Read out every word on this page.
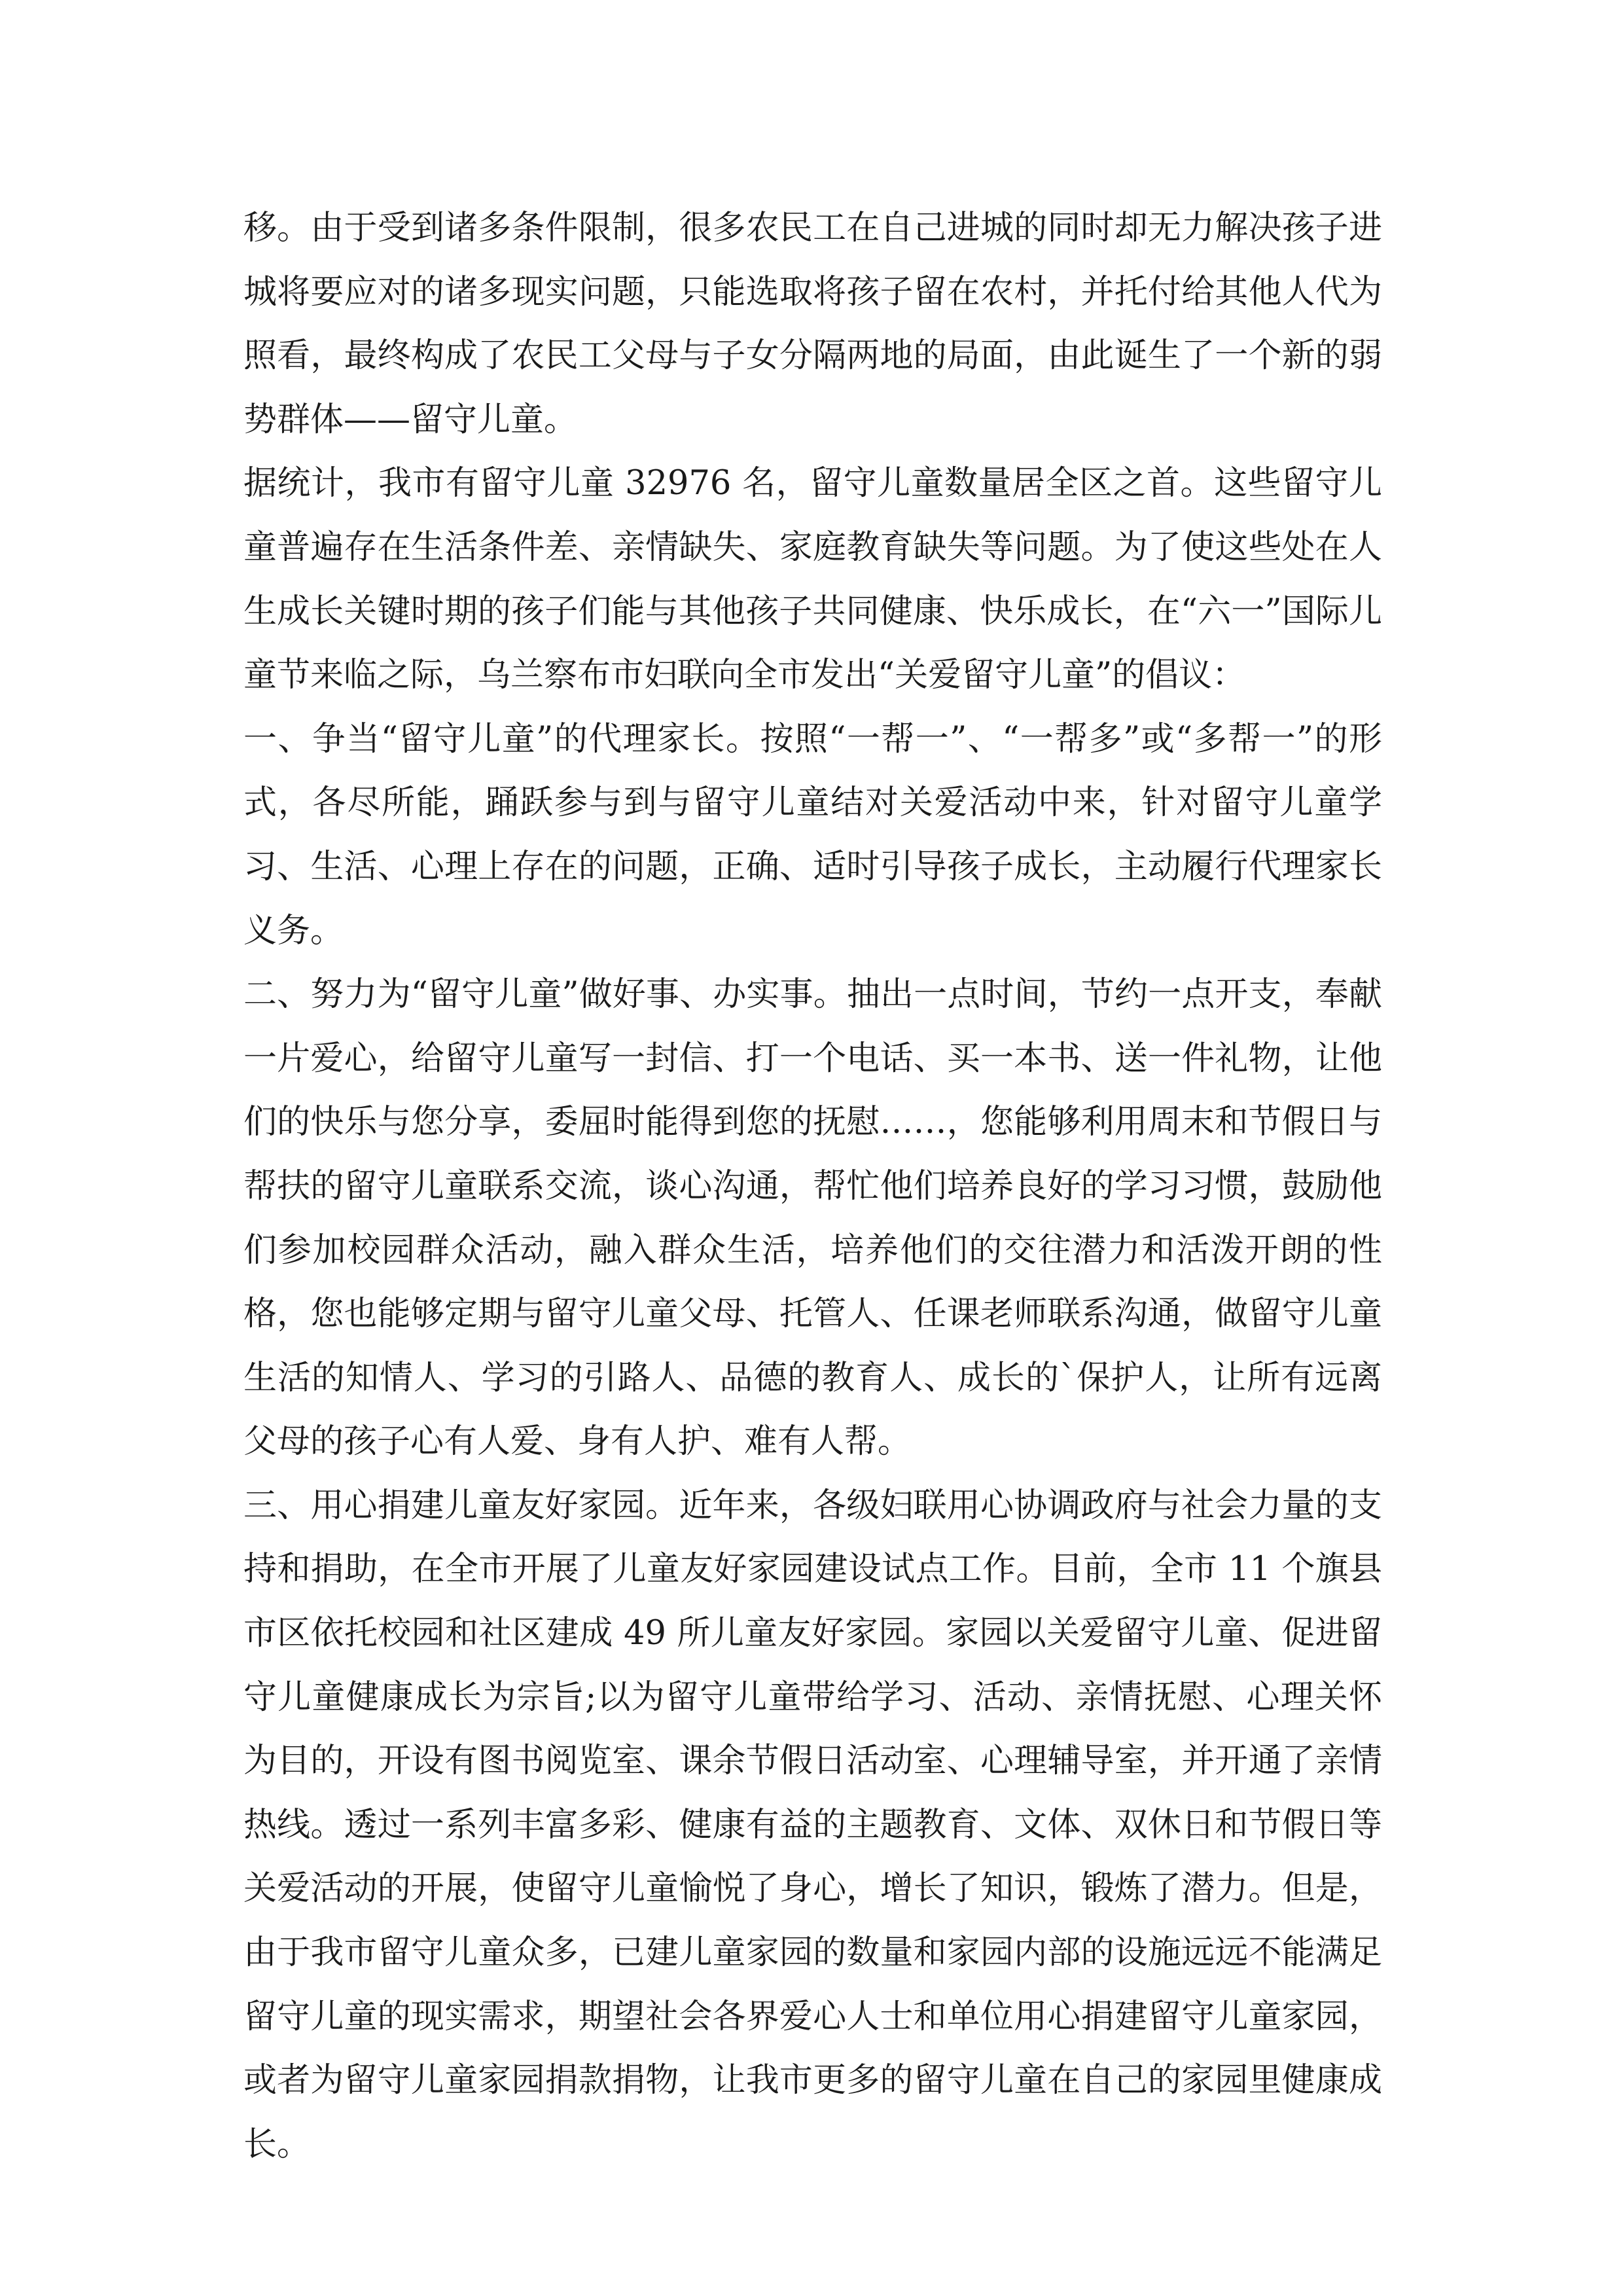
移。由于受到诸多条件限制，很多农民工在自己进城的同时却无力解决孩子进城将要应对的诸多现实问题，只能选取将孩子留在农村，并托付给其他人代为照看，最终构成了农民工父母与子女分隔两地的局面，由此诞生了一个新的弱势群体——留守儿童。

据统计，我市有留守儿童 32976 名，留守儿童数量居全区之首。这些留守儿童普遍存在生活条件差、亲情缺失、家庭教育缺失等问题。为了使这些处在人生成长关键时期的孩子们能与其他孩子共同健康、快乐成长，在“六一”国际儿童节来临之际，乌兰察布市妇联向全市发出“关爱留守儿童”的倡议：

一、争当“留守儿童”的代理家长。按照“一帮一”、“一帮多”或“多帮一”的形式，各尽所能，踊跃参与到与留守儿童结对关爱活动中来，针对留守儿童学习、生活、心理上存在的问题，正确、适时引导孩子成长，主动履行代理家长义务。

二、努力为“留守儿童”做好事、办实事。抽出一点时间，节约一点开支，奉献一片爱心，给留守儿童写一封信、打一个电话、买一本书、送一件礼物，让他们的快乐与您分享，委屈时能得到您的抚慰……，您能够利用周末和节假日与帮扶的留守儿童联系交流，谈心沟通，帮忙他们培养良好的学习习惯，鼓励他们参加校园群众活动，融入群众生活，培养他们的交往潜力和活泼开朗的性格，您也能够定期与留守儿童父母、托管人、任课老师联系沟通，做留守儿童生活的知情人、学习的引路人、品德的教育人、成长的`保护人，让所有远离父母的孩子心有人爱、身有人护、难有人帮。

三、用心捐建儿童友好家园。近年来，各级妇联用心协调政府与社会力量的支持和捐助，在全市开展了儿童友好家园建设试点工作。目前，全市 11 个旗县市区依托校园和社区建成 49 所儿童友好家园。家园以关爱留守儿童、促进留守儿童健康成长为宗旨;以为留守儿童带给学习、活动、亲情抚慰、心理关怀为目的，开设有图书阅览室、课余节假日活动室、心理辅导室，并开通了亲情热线。透过一系列丰富多彩、健康有益的主题教育、文体、双休日和节假日等关爱活动的开展，使留守儿童愉悦了身心，增长了知识，锻炼了潜力。但是，由于我市留守儿童众多，已建儿童家园的数量和家园内部的设施远远不能满足留守儿童的现实需求，期望社会各界爱心人士和单位用心捐建留守儿童家园，或者为留守儿童家园捐款捐物，让我市更多的留守儿童在自己的家园里健康成长。
